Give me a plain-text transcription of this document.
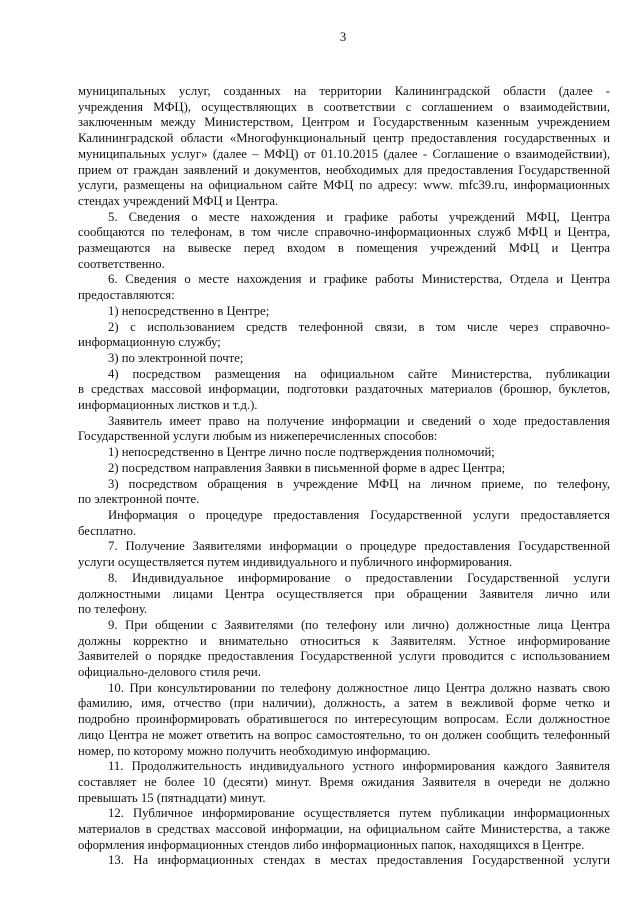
3
муниципальных услуг, созданных на территории Калининградской области (далее -
учреждения МФЦ), осуществляющих в соответствии с соглашением о взаимодействии,
заключенным между Министерством, Центром и Государственным казенным учреждением
Калининградской области «Многофункциональный центр предоставления государственных и
муниципальных услуг» (далее – МФЦ) от 01.10.2015 (далее - Соглашение о взаимодействии),
прием от граждан заявлений и документов, необходимых для предоставления Государственной
услуги, размещены на официальном сайте МФЦ по адресу: www. mfc39.ru, информационных
стендах учреждений МФЦ и Центра.
5. Сведения о месте нахождения и графике работы учреждений МФЦ, Центра
сообщаются по телефонам, в том числе справочно-информационных служб МФЦ и Центра,
размещаются на вывеске перед входом в помещения учреждений МФЦ и Центра
соответственно.
6. Сведения о месте нахождения и графике работы Министерства, Отдела и Центра
предоставляются:
1) непосредственно в Центре;
2) с использованием средств телефонной связи, в том числе через справочно-
информационную службу;
3) по электронной почте;
4) посредством размещения на официальном сайте Министерства, публикации
в средствах массовой информации, подготовки раздаточных материалов (брошюр, буклетов,
информационных листков и т.д.).
Заявитель имеет право на получение информации и сведений о ходе предоставления
Государственной услуги любым из нижеперечисленных способов:
1) непосредственно в Центре лично после подтверждения полномочий;
2) посредством направления Заявки в письменной форме в адрес Центра;
3) посредством обращения в учреждение МФЦ на личном приеме, по телефону,
по электронной почте.
Информация о процедуре предоставления Государственной услуги предоставляется
бесплатно.
7. Получение Заявителями информации о процедуре предоставления Государственной
услуги осуществляется путем индивидуального и публичного информирования.
8. Индивидуальное информирование о предоставлении Государственной услуги
должностными лицами Центра осуществляется при обращении Заявителя лично или
по телефону.
9. При общении с Заявителями (по телефону или лично) должностные лица Центра
должны корректно и внимательно относиться к Заявителям. Устное информирование
Заявителей о порядке предоставления Государственной услуги проводится с использованием
официально-делового стиля речи.
10. При консультировании по телефону должностное лицо Центра должно назвать свою
фамилию, имя, отчество (при наличии), должность, а затем в вежливой форме четко и
подробно проинформировать обратившегося по интересующим вопросам. Если должностное
лицо Центра не может ответить на вопрос самостоятельно, то он должен сообщить телефонный
номер, по которому можно получить необходимую информацию.
11. Продолжительность индивидуального устного информирования каждого Заявителя
составляет не более 10 (десяти) минут. Время ожидания Заявителя в очереди не должно
превышать 15 (пятнадцати) минут.
12. Публичное информирование осуществляется путем публикации информационных
материалов в средствах массовой информации, на официальном сайте Министерства, а также
оформления информационных стендов либо информационных папок, находящихся в Центре.
13. На информационных стендах в местах предоставления Государственной услуги
